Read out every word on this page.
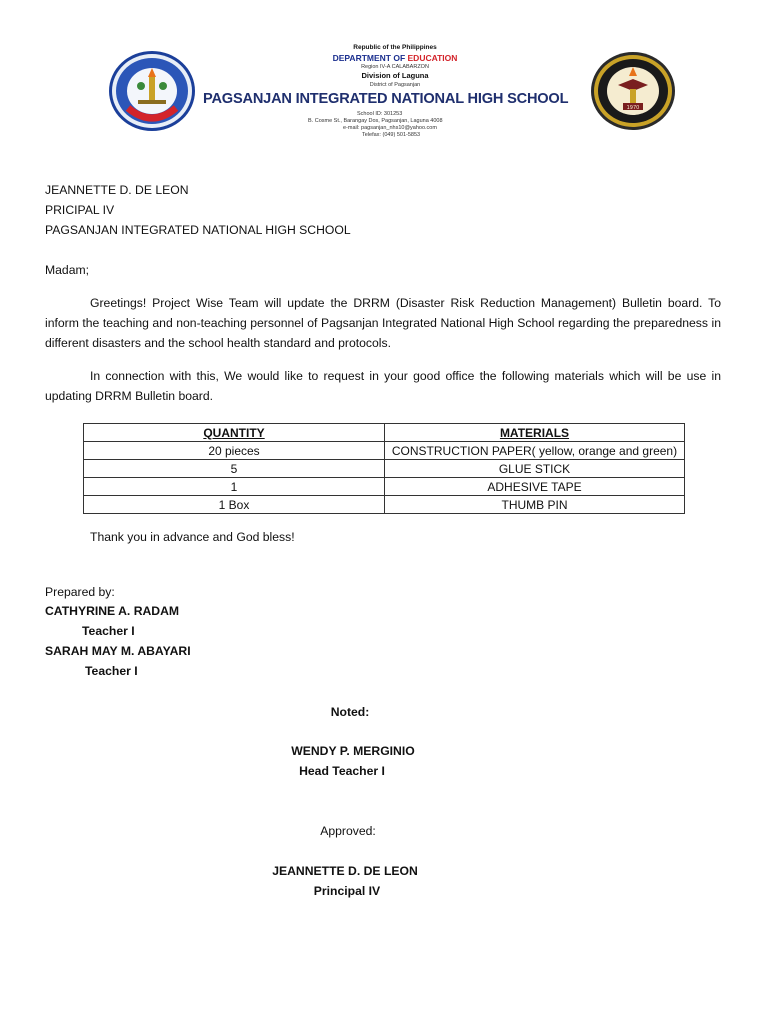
Republic of the Philippines
DEPARTMENT OF EDUCATION
Region IV-A CALABARZON
Division of Laguna
District of Pagsanjan
PAGSANJAN INTEGRATED NATIONAL HIGH SCHOOL
School ID: 301253
B. Cosme St., Barangay Dos, Pagsanjan, Laguna 4008
e-mail: pagsanjan_nhs10@yahoo.com
Telefax: (049) 501-5853
1970
JEANNETTE D. DE LEON
PRICIPAL IV
PAGSANJAN INTEGRATED NATIONAL HIGH SCHOOL
Madam;
Greetings! Project Wise Team will update the DRRM (Disaster Risk Reduction Management) Bulletin board. To inform the teaching and non-teaching personnel of Pagsanjan Integrated National High School regarding the preparedness in different disasters and the school health standard and protocols.
In connection with this, We would like to request in your good office the following materials which will be use in updating DRRM Bulletin board.
QUANTITY	MATERIALS
20 pieces	CONSTRUCTION PAPER( yellow, orange and green)
5	GLUE STICK
1	ADHESIVE TAPE
1 Box	THUMB PIN
Thank you in advance and God bless!
Prepared by:
CATHYRINE A. RADAM
Teacher I
SARAH MAY M. ABAYARI
Teacher I
Noted:
WENDY P. MERGINIO
Head Teacher I
Approved:
JEANNETTE D. DE LEON
Principal IV
